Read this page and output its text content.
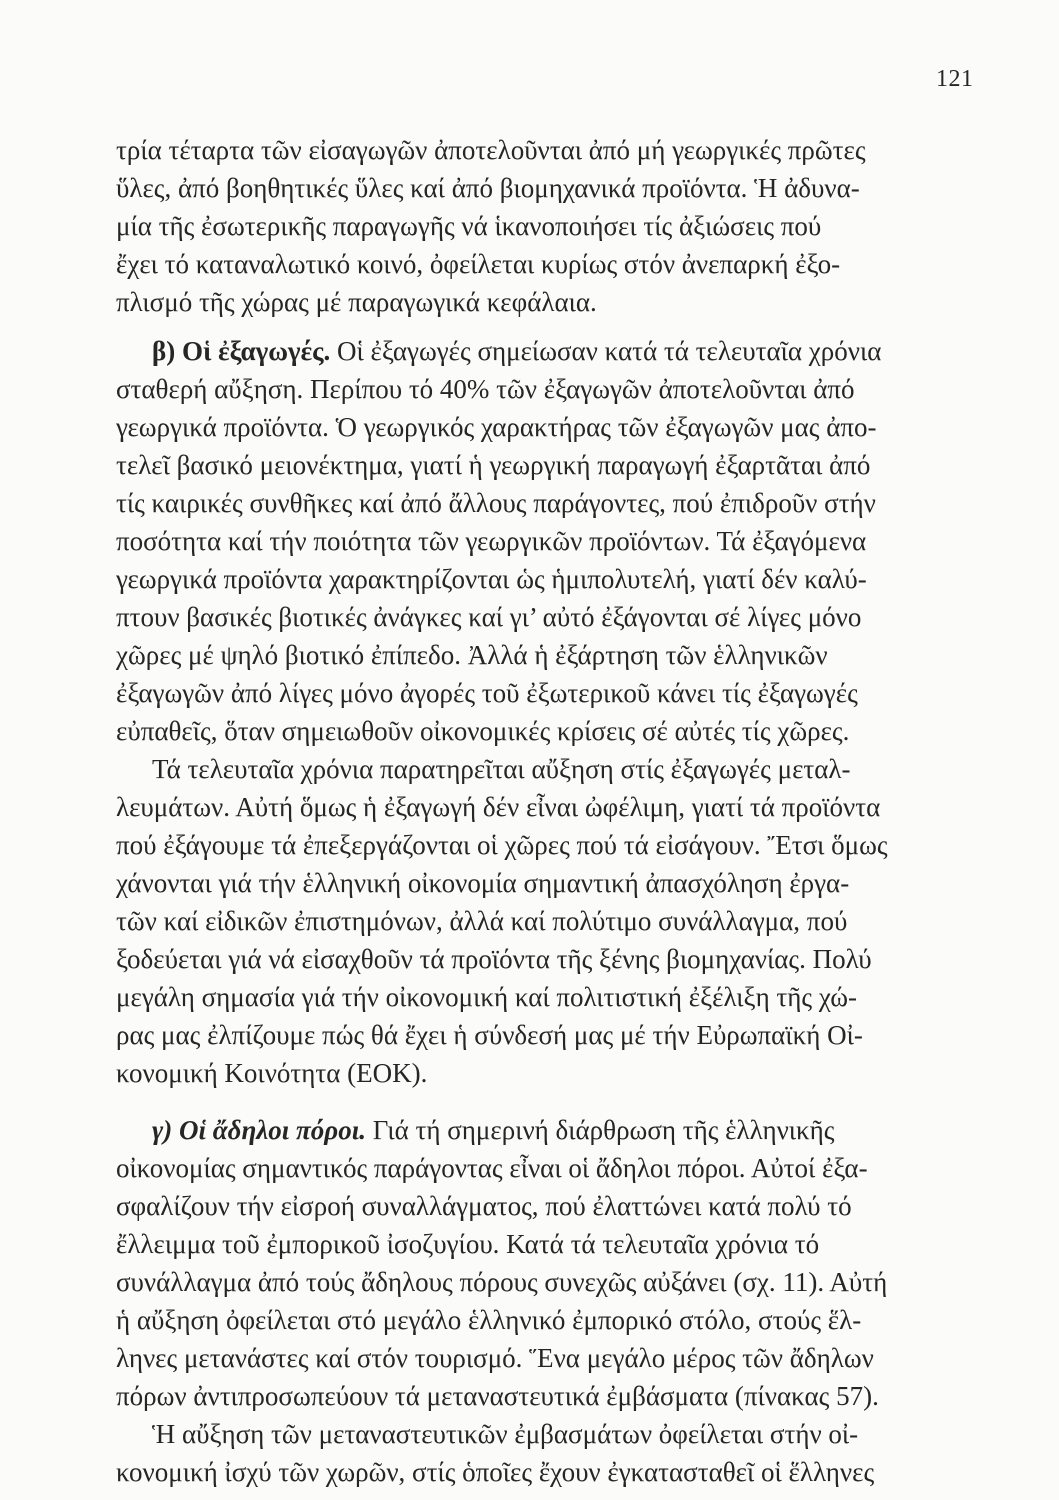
121
τρία τέταρτα τῶν εἰσαγωγῶν ἀποτελοῦνται ἀπό μή γεωργικές πρῶτες
ὕλες, ἀπό βοηθητικές ὕλες καί ἀπό βιομηχανικά προϊόντα. Ἡ ἀδυνα-
μία τῆς ἐσωτερικῆς παραγωγῆς νά ἱκανοποιήσει τίς ἀξιώσεις πού
ἔχει τό καταναλωτικό κοινό, ὀφείλεται κυρίως στόν ἀνεπαρκή ἐξο-
πλισμό τῆς χώρας μέ παραγωγικά κεφάλαια.
β) Οἱ ἐξαγωγές. Οἱ ἐξαγωγές σημείωσαν κατά τά τελευταῖα χρόνια
σταθερή αὔξηση. Περίπου τό 40% τῶν ἐξαγωγῶν ἀποτελοῦνται ἀπό
γεωργικά προϊόντα. Ὁ γεωργικός χαρακτήρας τῶν ἐξαγωγῶν μας ἀπο-
τελεῖ βασικό μειονέκτημα, γιατί ἡ γεωργική παραγωγή ἐξαρτᾶται ἀπό
τίς καιρικές συνθῆκες καί ἀπό ἄλλους παράγοντες, πού ἐπιδροῦν στήν
ποσότητα καί τήν ποιότητα τῶν γεωργικῶν προϊόντων. Τά ἐξαγόμενα
γεωργικά προϊόντα χαρακτηρίζονται ὡς ἡμιπολυτελή, γιατί δέν καλύ-
πτουν βασικές βιοτικές ἀνάγκες καί γι’ αὐτό ἐξάγονται σέ λίγες μόνο
χῶρες μέ ψηλό βιοτικό ἐπίπεδο. Ἀλλά ἡ ἐξάρτηση τῶν ἑλληνικῶν
ἐξαγωγῶν ἀπό λίγες μόνο ἀγορές τοῦ ἐξωτερικοῦ κάνει τίς ἐξαγωγές
εὐπαθεῖς, ὅταν σημειωθοῦν οἰκονομικές κρίσεις σέ αὐτές τίς χῶρες.
Τά τελευταῖα χρόνια παρατηρεῖται αὔξηση στίς ἐξαγωγές μεταλ-
λευμάτων. Αὐτή ὅμως ἡ ἐξαγωγή δέν εἶναι ὠφέλιμη, γιατί τά προϊόντα
πού ἐξάγουμε τά ἐπεξεργάζονται οἱ χῶρες πού τά εἰσάγουν. Ἔτσι ὅμως
χάνονται γιά τήν ἑλληνική οἰκονομία σημαντική ἀπασχόληση ἐργα-
τῶν καί εἰδικῶν ἐπιστημόνων, ἀλλά καί πολύτιμο συνάλλαγμα, πού
ξοδεύεται γιά νά εἰσαχθοῦν τά προϊόντα τῆς ξένης βιομηχανίας. Πολύ
μεγάλη σημασία γιά τήν οἰκονομική καί πολιτιστική ἐξέλιξη τῆς χώ-
ρας μας ἐλπίζουμε πώς θά ἔχει ἡ σύνδεσή μας μέ τήν Εὐρωπαϊκή Οἰ-
κονομική Κοινότητα (ΕΟΚ).
γ) Οἱ ἄδηλοι πόροι. Γιά τή σημερινή διάρθρωση τῆς ἑλληνικῆς
οἰκονομίας σημαντικός παράγοντας εἶναι οἱ ἄδηλοι πόροι. Αὐτοί ἐξα-
σφαλίζουν τήν εἰσροή συναλλάγματος, πού ἐλαττώνει κατά πολύ τό
ἔλλειμμα τοῦ ἐμπορικοῦ ἰσοζυγίου. Κατά τά τελευταῖα χρόνια τό
συνάλλαγμα ἀπό τούς ἄδηλους πόρους συνεχῶς αὐξάνει (σχ. 11). Αὐτή
ἡ αὔξηση ὀφείλεται στό μεγάλο ἑλληνικό ἐμπορικό στόλο, στούς ἕλ-
ληνες μετανάστες καί στόν τουρισμό. Ἕνα μεγάλο μέρος τῶν ἄδηλων
πόρων ἀντιπροσωπεύουν τά μεταναστευτικά ἐμβάσματα (πίνακας 57).
Ἡ αὔξηση τῶν μεταναστευτικῶν ἐμβασμάτων ὀφείλεται στήν οἰ-
κονομική ἰσχύ τῶν χωρῶν, στίς ὁποῖες ἔχουν ἐγκατασταθεῖ οἱ ἕλληνες
